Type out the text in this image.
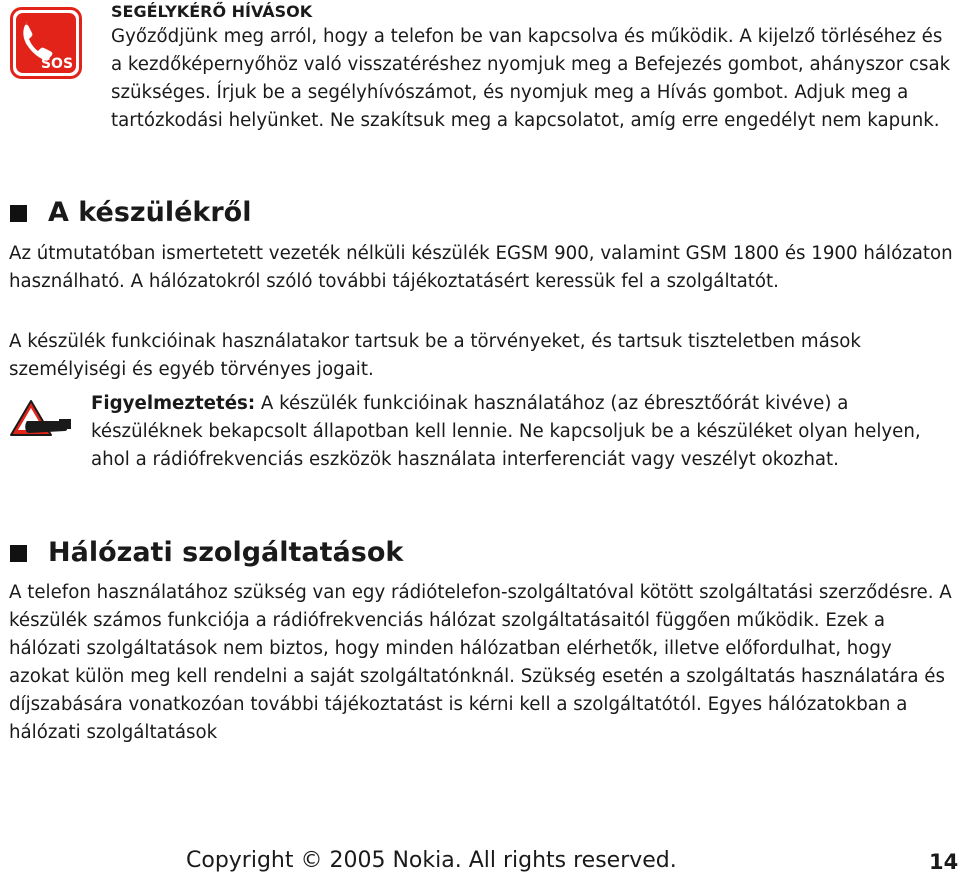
SOS

SEGÉLYKÉRŐ HÍVÁSOK

Győződjünk meg arról, hogy a telefon be van kapcsolva és működik. A kijelző törléséhez és a kezdőképernyőhöz való visszatéréshez nyomjuk meg a Befejezés gombot, ahányszor csak szükséges. Írjuk be a segélyhívószámot, és nyomjuk meg a Hívás gombot. Adjuk meg a tartózkodási helyünket. Ne szakítsuk meg a kapcsolatot, amíg erre engedélyt nem kapunk.

A készülékről

Az útmutatóban ismertetett vezeték nélküli készülék EGSM 900, valamint GSM 1800 és 1900 hálózaton használható. A hálózatokról szóló további tájékoztatásért keressük fel a szolgáltatót.

A készülék funkcióinak használatakor tartsuk be a törvényeket, és tartsuk tiszteletben mások személyiségi és egyéb törvényes jogait.

Figyelmeztetés: A készülék funkcióinak használatához (az ébresztőórát kivéve) a készüléknek bekapcsolt állapotban kell lennie. Ne kapcsoljuk be a készüléket olyan helyen, ahol a rádiófrekvenciás eszközök használata interferenciát vagy veszélyt okozhat.

Hálózati szolgáltatások

A telefon használatához szükség van egy rádiótelefon-szolgáltatóval kötött szolgáltatási szerződésre. A készülék számos funkciója a rádiófrekvenciás hálózat szolgáltatásaitól függően működik. Ezek a hálózati szolgáltatások nem biztos, hogy minden hálózatban elérhetők, illetve előfordulhat, hogy azokat külön meg kell rendelni a saját szolgáltatónknál. Szükség esetén a szolgáltatás használatára és díjszabására vonatkozóan további tájékoztatást is kérni kell a szolgáltatótól. Egyes hálózatokban a hálózati szolgáltatások

Copyright © 2005 Nokia. All rights reserved.	14
